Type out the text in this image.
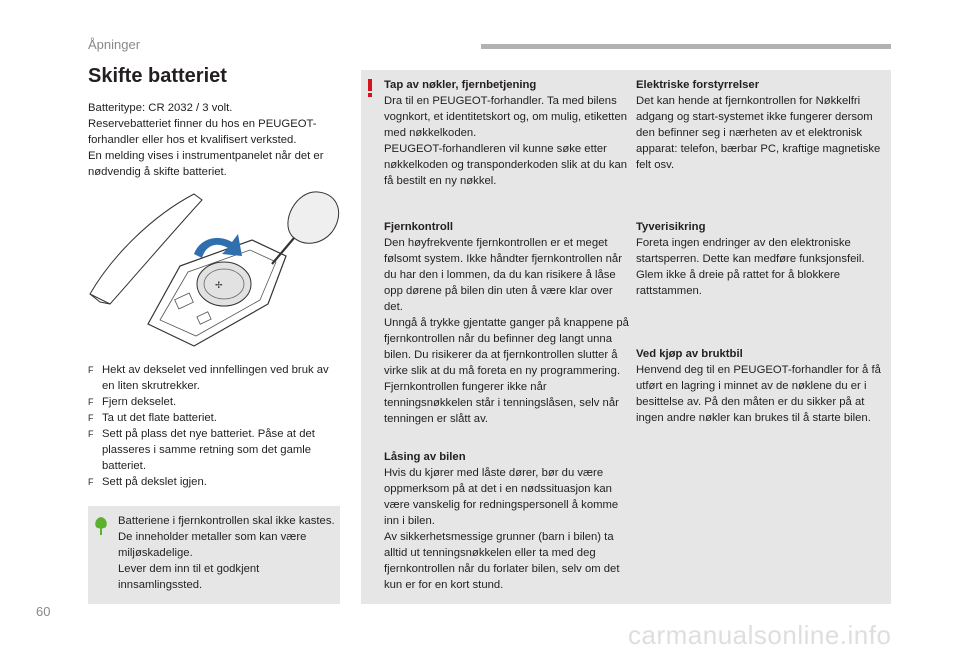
Åpninger
Skifte batteriet

Batteritype: CR 2032 / 3 volt.

Reservebatteriet finner du hos en PEUGEOT-forhandler eller hos et kvalifisert verksted.

En melding vises i instrumentpanelet når det er nødvendig å skifte batteriet.

✢
F Hekt av dekselet ved innfellingen ved bruk av en liten skrutrekker.
F Fjern dekselet.
F Ta ut det flate batteriet.
F Sett på plass det nye batteriet. Påse at det plasseres i samme retning som det gamle batteriet.
F Sett på dekslet igjen.

Batteriene i fjernkontrollen skal ikke kastes. De inneholder metaller som kan være miljøskadelige.

Lever dem inn til et godkjent innsamlingssted.

Tap av nøkler, fjernbetjening

Dra til en PEUGEOT-forhandler. Ta med bilens vognkort, et identitetskort og, om mulig, etiketten med nøkkelkoden.

PEUGEOT-forhandleren vil kunne søke etter nøkkelkoden og transponderkoden slik at du kan få bestilt en ny nøkkel.

Fjernkontroll

Den høyfrekvente fjernkontrollen er et meget følsomt system. Ikke håndter fjernkontrollen når du har den i lommen, da du kan risikere å låse opp dørene på bilen din uten å være klar over det.

Unngå å trykke gjentatte ganger på knappene på fjernkontrollen når du befinner deg langt unna bilen. Du risikerer da at fjernkontrollen slutter å virke slik at du må foreta en ny programmering.

Fjernkontrollen fungerer ikke når tenningsnøkkelen står i tenningslåsen, selv når tenningen er slått av.

Låsing av bilen

Hvis du kjører med låste dører, bør du være oppmerksom på at det i en nødssituasjon kan være vanskelig for redningspersonell å komme inn i bilen.

Av sikkerhetsmessige grunner (barn i bilen) ta alltid ut tenningsnøkkelen eller ta med deg fjernkontrollen når du forlater bilen, selv om det kun er for en kort stund.

Elektriske forstyrrelser

Det kan hende at fjernkontrollen for Nøkkelfri adgang og start-systemet ikke fungerer dersom den befinner seg i nærheten av et elektronisk apparat: telefon, bærbar PC, kraftige magnetiske felt osv.

Tyverisikring

Foreta ingen endringer av den elektroniske startsperren. Dette kan medføre funksjonsfeil. Glem ikke å dreie på rattet for å blokkere rattstammen.

Ved kjøp av bruktbil

Henvend deg til en PEUGEOT-forhandler for å få utført en lagring i minnet av de nøklene du er i besittelse av. På den måten er du sikker på at ingen andre nøkler kan brukes til å starte bilen.

60
carmanualsonline.info
